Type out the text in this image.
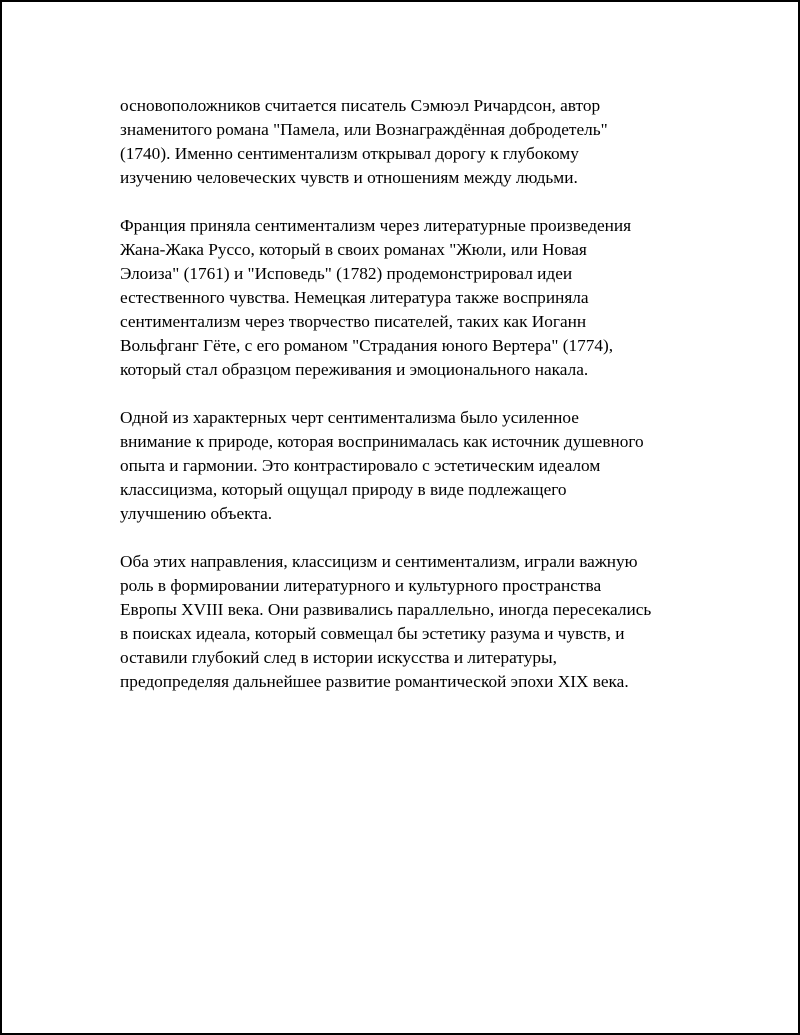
основоположников считается писатель Сэмюэл Ричардсон, автор
знаменитого романа "Памела, или Вознаграждённая добродетель"
(1740). Именно сентиментализм открывал дорогу к глубокому
изучению человеческих чувств и отношениям между людьми.

Франция приняла сентиментализм через литературные произведения
Жана-Жака Руссо, который в своих романах "Жюли, или Новая
Элоиза" (1761) и "Исповедь" (1782) продемонстрировал идеи
естественного чувства. Немецкая литература также восприняла
сентиментализм через творчество писателей, таких как Иоганн
Вольфганг Гёте, с его романом "Страдания юного Вертера" (1774),
который стал образцом переживания и эмоционального накала.

Одной из характерных черт сентиментализма было усиленное
внимание к природе, которая воспринималась как источник душевного
опыта и гармонии. Это контрастировало с эстетическим идеалом
классицизма, который ощущал природу в виде подлежащего
улучшению объекта.

Оба этих направления, классицизм и сентиментализм, играли важную
роль в формировании литературного и культурного пространства
Европы XVIII века. Они развивались параллельно, иногда пересекались
в поисках идеала, который совмещал бы эстетику разума и чувств, и
оставили глубокий след в истории искусства и литературы,
предопределяя дальнейшее развитие романтической эпохи XIX века.
